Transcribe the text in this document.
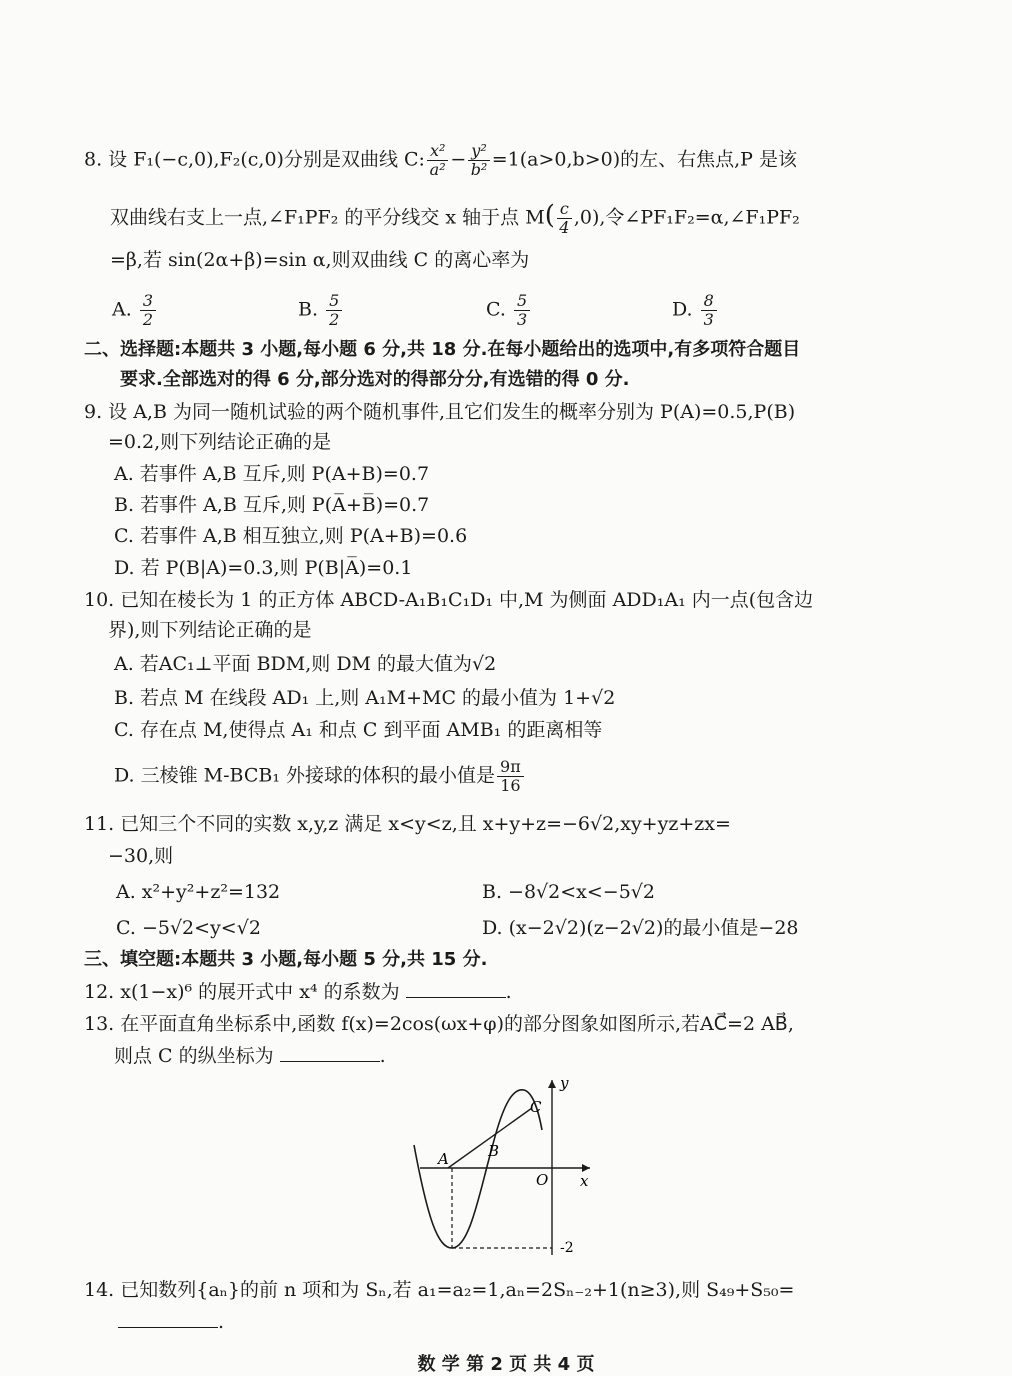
8. 设 F₁(−c,0),F₂(c,0)分别是双曲线 C: $\frac{\text{x²}}{\text{a²}} - \frac{\text{y²}}{\text{b²}} =1(a>0,b>0)$的左、右焦点,P 是该
双曲线右支上一点,∠F₁PF₂ 的平分线交 x 轴于点 $M( \frac{c}{4} ,0)$,令∠PF₁F₂=α,∠F₁PF₂
=β,若 sin(2α+β)=sin α,则双曲线 C 的离心率为
A. $\frac{3}{2}$	B. $\frac{5}{2}$	C. $\frac{5}{3}$	D. $\frac{8}{3}$
二、选择题:本题共 3 小题,每小题 6 分,共 18 分.在每小题给出的选项中,有多项符合题目
要求.全部选对的得 6 分,部分选对的得部分分,有选错的得 0 分.
9. 设 A,B 为同一随机试验的两个随机事件,且它们发生的概率分别为 P(A)=0.5,P(B)
=0.2,则下列结论正确的是
A. 若事件 A,B 互斥,则 P(A+B)=0.7
B. 若事件 A,B 互斥,则 P(A̅+B̅)=0.7
C. 若事件 A,B 相互独立,则 P(A+B)=0.6
D. 若 P(B|A)=0.3,则 P(B|A̅)=0.1
10. 已知在棱长为 1 的正方体 ABCD-A₁B₁C₁D₁ 中,M 为侧面 ADD₁A₁ 内一点(包含边
界),则下列结论正确的是
A. 若AC₁⊥平面 BDM,则 DM 的最大值为√2
B. 若点 M 在线段 AD₁ 上,则 A₁M+MC 的最小值为 1+√2
C. 存在点 M,使得点 A₁ 和点 C 到平面 AMB₁ 的距离相等
D. 三棱锥 M-BCB₁ 外接球的体积的最小值是 $\frac{9\pi}{16}$
11. 已知三个不同的实数 x,y,z 满足 x<y<z,且 x+y+z=−6√2,xy+yz+zx=
−30,则
A. x²+y²+z²=132	B. −8√2<x<−5√2
C. −5√2<y<√2	D. (x−2√2)(z−2√2)的最小值是−28
三、填空题:本题共 3 小题,每小题 5 分,共 15 分.
12. x(1−x)⁶ 的展开式中 x⁴ 的系数为	.
13. 在平面直角坐标系中,函数 f(x)=2cos(ωx+φ)的部分图象如图所示,若AC⃗=2 AB⃗,
则点 C 的纵坐标为	.
y
x
O
A	B
C
-2
14. 已知数列{aₙ}的前 n 项和为 Sₙ,若 a₁=a₂=1,aₙ=2Sₙ₋₂+1(n≥3),则 S₄₉+S₅₀=
.
数 学 第 2 页 共 4 页
